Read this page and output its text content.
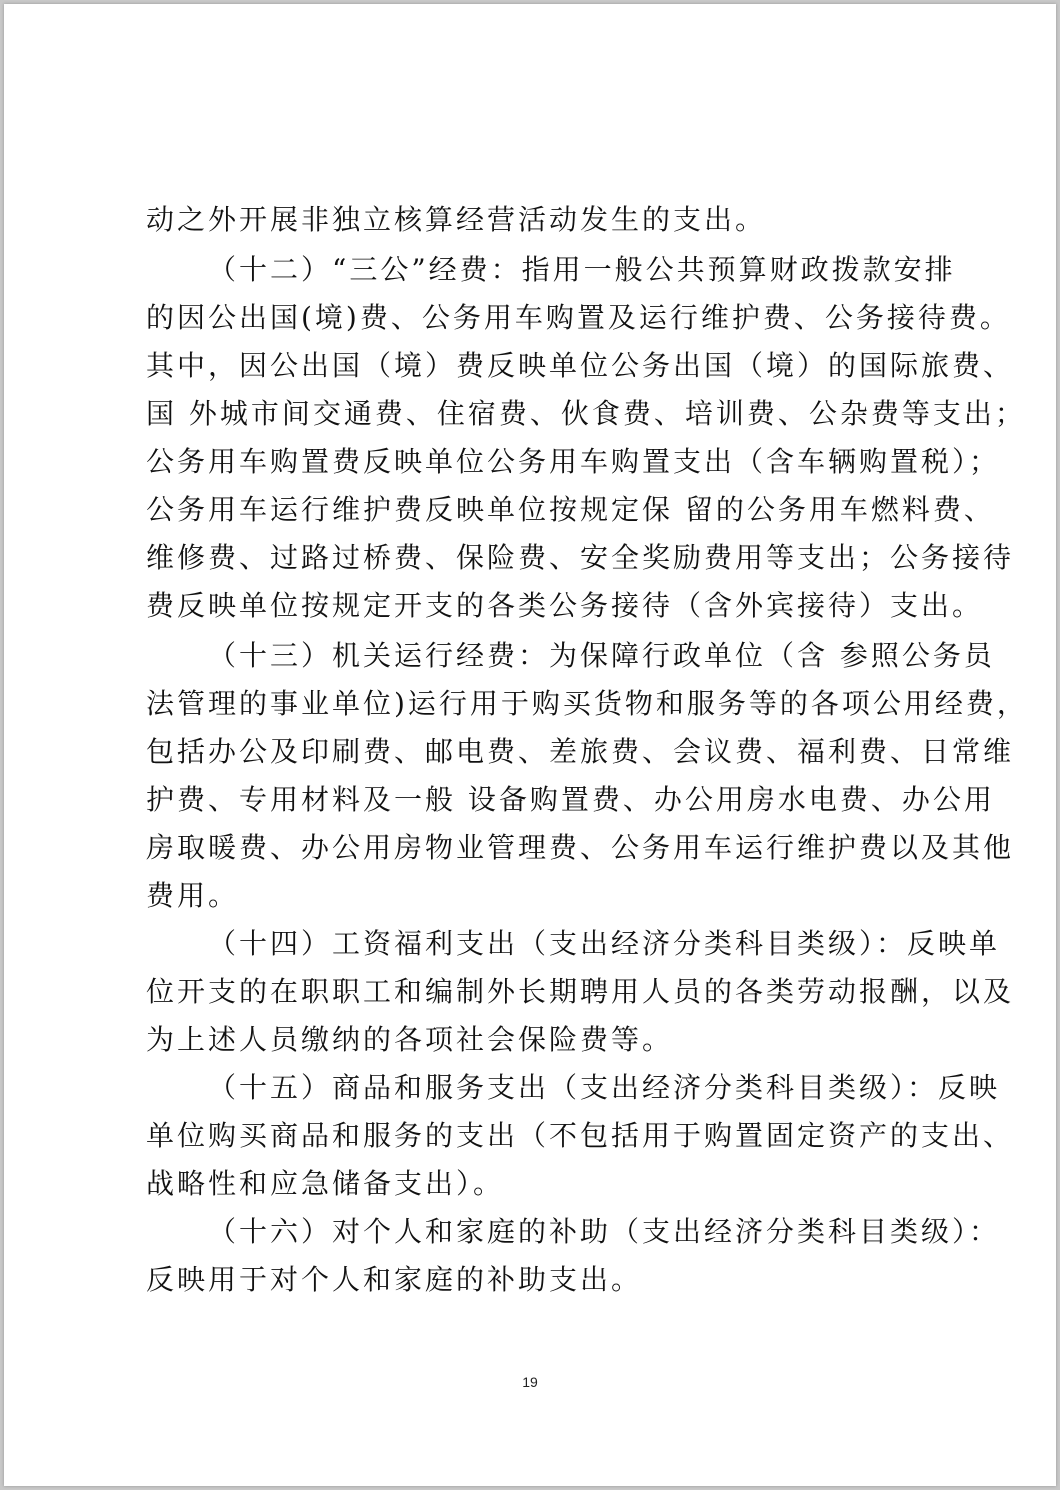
动之外开展非独立核算经营活动发生的支出。
（十二）“三公”经费：指用一般公共预算财政拨款安排
的因公出国(境)费、公务用车购置及运行维护费、公务接待费。
其中，因公出国（境）费反映单位公务出国（境）的国际旅费、
国 外城市间交通费、住宿费、伙食费、培训费、公杂费等支出；
公务用车购置费反映单位公务用车购置支出（含车辆购置税）；
公务用车运行维护费反映单位按规定保 留的公务用车燃料费、
维修费、过路过桥费、保险费、安全奖励费用等支出；公务接待
费反映单位按规定开支的各类公务接待（含外宾接待）支出。
（十三）机关运行经费：为保障行政单位（含 参照公务员
法管理的事业单位)运行用于购买货物和服务等的各项公用经费，
包括办公及印刷费、邮电费、差旅费、会议费、福利费、日常维
护费、专用材料及一般 设备购置费、办公用房水电费、办公用
房取暖费、办公用房物业管理费、公务用车运行维护费以及其他
费用。
（十四）工资福利支出（支出经济分类科目类级）：反映单
位开支的在职职工和编制外长期聘用人员的各类劳动报酬，以及
为上述人员缴纳的各项社会保险费等。
（十五）商品和服务支出（支出经济分类科目类级）：反映
单位购买商品和服务的支出（不包括用于购置固定资产的支出、
战略性和应急储备支出）。
（十六）对个人和家庭的补助（支出经济分类科目类级）：
反映用于对个人和家庭的补助支出。
19
